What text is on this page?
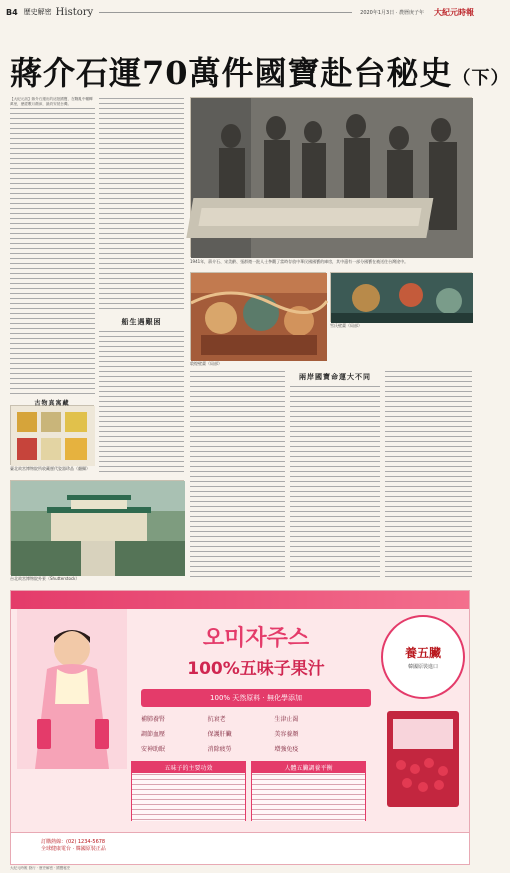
B4 歷史解密 History	2020年1月3日 · 農曆庚子年 大紀元時報
蔣介石運70萬件國寶赴台秘史（下）
【大紀元訊】蔣介石運出的這批國寶，在戰亂中輾轉萬里，歷經數月顛沛，最終安抵台灣。
1941年，蔣介石、宋美齡、張群邀一批人士參觀了當時存放中華民國國寶的庫房，其中還有一部分國寶在被送往台灣途中。
敦煌壁畫（局部）
雪氏壁畫（局部）
臺北故宮博物院所收藏歷代瓷器珍品（翻攝）
古物真寓藏
台北故宮博物院外景（Shutterstock）
船生遇艱困
兩岸國寶命運大不同
오미자주스
100%五味子果汁
100% 天然原料 · 無化學添加
補肺養腎	抗衰老	生津止渴
調節血壓	保護肝臟	美容養顏
安神助眠	消除疲勞	增強免疫
五味子的主要功效	人體五臟調養平衡
養五臟
韓國原裝進口
訂購熱線：(02) 1234-5678
全球健康電台 · 韓國原裝正品
大紀元時報 發行 · 歷史解密 · 國寶秘史
